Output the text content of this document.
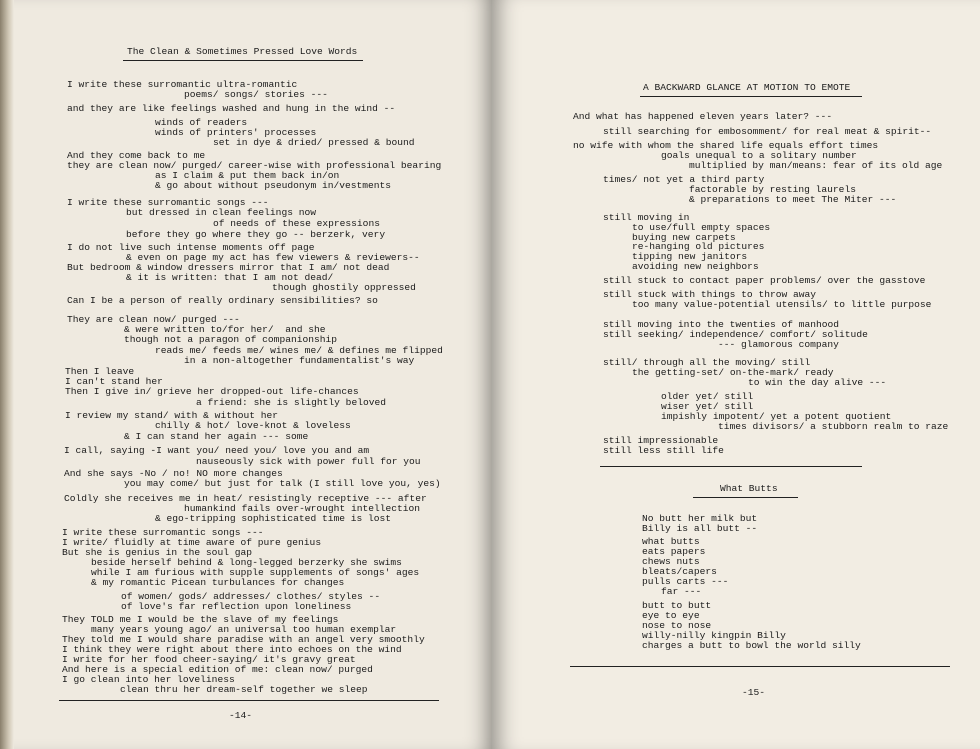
The Clean & Sometimes Pressed Love Words
I write these surromantic ultra-romantic
poems/ songs/ stories ---
and they are like feelings washed and hung in the wind --
winds of readers
winds of printers' processes
set in dye & dried/ pressed & bound
And they come back to me
they are clean now/ purged/ career-wise with professional bearing
as I claim & put them back in/on
& go about without pseudonym in/vestments
I write these surromantic songs ---
but dressed in clean feelings now
of needs of these expressions
before they go where they go -- berzerk, very
I do not live such intense moments off page
& even on page my act has few viewers & reviewers--
But bedroom & window dressers mirror that I am/ not dead
& it is written: that I am not dead/
though ghostily oppressed
Can I be a person of really ordinary sensibilities? so
They are clean now/ purged ---
& were written to/for her/  and she
though not a paragon of companionship
reads me/ feeds me/ wines me/ & defines me flipped
in a non-altogether fundamentalist's way
Then I leave
I can't stand her
Then I give in/ grieve her dropped-out life-chances
a friend: she is slightly beloved
I review my stand/ with & without her
chilly & hot/ love-knot & loveless
& I can stand her again --- some
I call, saying -I want you/ need you/ love you and am
nauseously sick with power full for you
And she says -No / no! NO more changes
you may come/ but just for talk (I still love you, yes)
Coldly she receives me in heat/ resistingly receptive --- after
humankind fails over-wrought intellection
& ego-tripping sophisticated time is lost
I write these surromantic songs ---
I write/ fluidly at time aware of pure genius
But she is genius in the soul gap
beside herself behind & long-legged berzerky she swims
while I am furious with supple supplements of songs' ages
& my romantic Picean turbulances for changes
of women/ gods/ addresses/ clothes/ styles --
of love's far reflection upon loneliness
They TOLD me I would be the slave of my feelings
many years young ago/ an universal too human exemplar
They told me I would share paradise with an angel very smoothly
I think they were right about there into echoes on the wind
I write for her food cheer-saying/ it's gravy great
And here is a special edition of me: clean now/ purged
I go clean into her loveliness
clean thru her dream-self together we sleep
-14-
A BACKWARD GLANCE AT MOTION TO EMOTE
And what has happened eleven years later? ---
still searching for embosomment/ for real meat & spirit--
no wife with whom the shared life equals effort times
goals unequal to a solitary number
multiplied by man/means: fear of its old age
times/ not yet a third party
factorable by resting laurels
& preparations to meet The Miter ---
still moving in
to use/full empty spaces
buying new carpets
re-hanging old pictures
tipping new janitors
avoiding new neighbors
still stuck to contact paper problems/ over the gasstove
still stuck with things to throw away
too many value-potential utensils/ to little purpose
still moving into the twenties of manhood
still seeking/ independence/ comfort/ solitude
--- glamorous company
still/ through all the moving/ still
the getting-set/ on-the-mark/ ready
to win the day alive ---
older yet/ still
wiser yet/ still
impishly impotent/ yet a potent quotient
times divisors/ a stubborn realm to raze
still impressionable
still less still life
What Butts
No butt her milk but
Billy is all butt --
what butts
eats papers
chews nuts
bleats/capers
pulls carts ---
far ---
butt to butt
eye to eye
nose to nose
willy-nilly kingpin Billy
charges a butt to bowl the world silly
-15-
